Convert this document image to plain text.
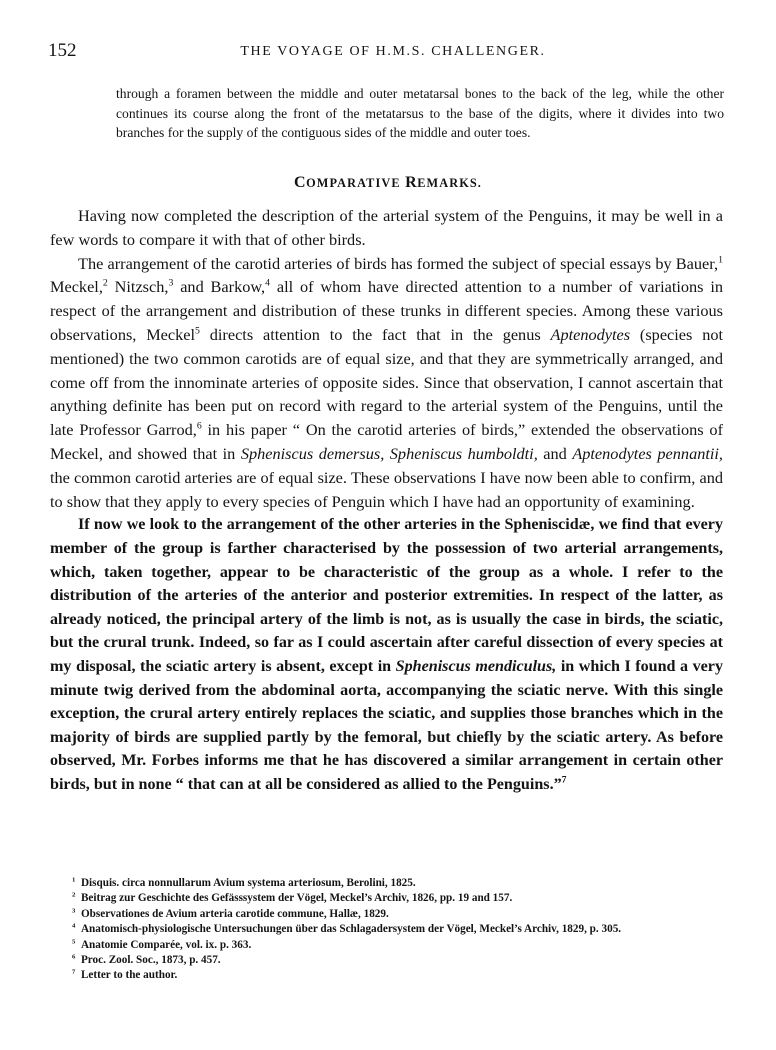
152	THE VOYAGE OF H.M.S. CHALLENGER.

through a foramen between the middle and outer metatarsal bones to the back of the leg, while the other continues its course along the front of the metatarsus to the base of the digits, where it divides into two branches for the supply of the contiguous sides of the middle and outer toes.

COMPARATIVE REMARKS.

Having now completed the description of the arterial system of the Penguins, it may be well in a few words to compare it with that of other birds.

The arrangement of the carotid arteries of birds has formed the subject of special essays by Bauer,$^1$ Meckel,$^2$ Nitzsch,$^3$ and Barkow,$^4$ all of whom have directed attention to a number of variations in respect of the arrangement and distribution of these trunks in different species. Among these various observations, Meckel$^5$ directs attention to the fact that in the genus Aptenodytes (species not mentioned) the two common carotids are of equal size, and that they are symmetrically arranged, and come off from the innominate arteries of opposite sides. Since that observation, I cannot ascertain that anything definite has been put on record with regard to the arterial system of the Penguins, until the late Professor Garrod,$^6$ in his paper “ On the carotid arteries of birds,” extended the observations of Meckel, and showed that in Spheniscus demersus, Spheniscus humboldti, and Aptenodytes pennantii, the common carotid arteries are of equal size. These observations I have now been able to confirm, and to show that they apply to every species of Penguin which I have had an opportunity of examining.

If now we look to the arrangement of the other arteries in the Spheniscidæ, we find that every member of the group is farther characterised by the possession of two arterial arrangements, which, taken together, appear to be characteristic of the group as a whole. I refer to the distribution of the arteries of the anterior and posterior extremities. In respect of the latter, as already noticed, the principal artery of the limb is not, as is usually the case in birds, the sciatic, but the crural trunk. Indeed, so far as I could ascertain after careful dissection of every species at my disposal, the sciatic artery is absent, except in Spheniscus mendiculus, in which I found a very minute twig derived from the abdominal aorta, accompanying the sciatic nerve. With this single exception, the crural artery entirely replaces the sciatic, and supplies those branches which in the majority of birds are supplied partly by the femoral, but chiefly by the sciatic artery. As before observed, Mr. Forbes informs me that he has discovered a similar arrangement in certain other birds, but in none “ that can at all be considered as allied to the Penguins.”$^7$

$^1$ Disquis. circa nonnullarum Avium systema arteriosum, Berolini, 1825.
$^2$ Beitrag zur Geschichte des Gefässsystem der Vögel, Meckel’s Archiv, 1826, pp. 19 and 157.
$^3$ Observationes de Avium arteria carotide commune, Hallæ, 1829.
$^4$ Anatomisch-physiologische Untersuchungen über das Schlagadersystem der Vögel, Meckel’s Archiv, 1829, p. 305.
$^5$ Anatomie Comparée, vol. ix. p. 363.
$^6$ Proc. Zool. Soc., 1873, p. 457.
$^7$ Letter to the author.
